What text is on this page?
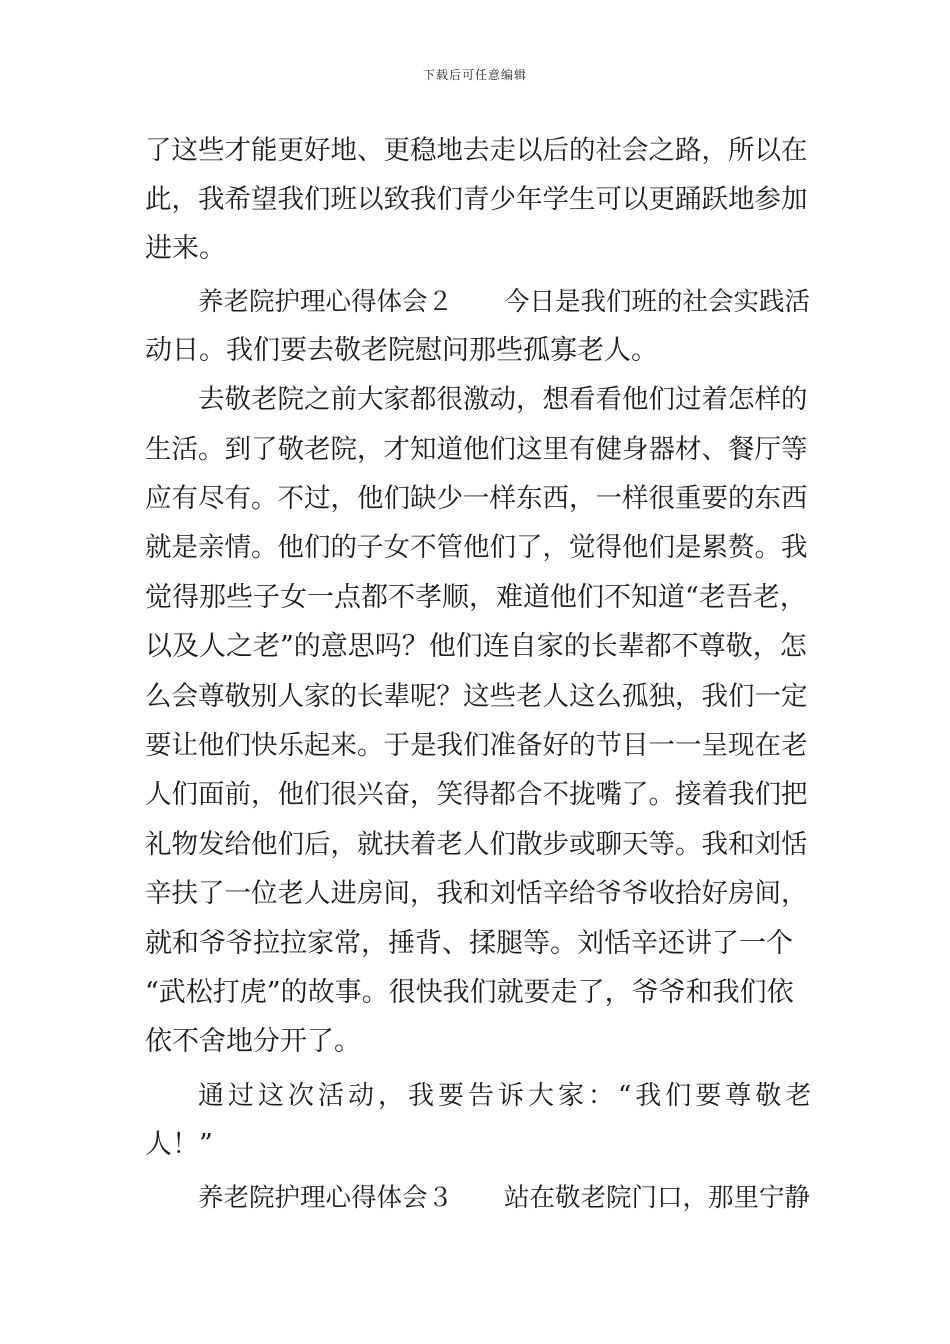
下载后可任意编辑
了这些才能更好地、更稳地去走以后的社会之路，所以在
此，我希望我们班以致我们青少年学生可以更踊跃地参加
进来。
养老院护理心得体会２　　今日是我们班的社会实践活
动日。我们要去敬老院慰问那些孤寡老人。
去敬老院之前大家都很激动，想看看他们过着怎样的
生活。到了敬老院，才知道他们这里有健身器材、餐厅等
应有尽有。不过，他们缺少一样东西，一样很重要的东西
就是亲情。他们的子女不管他们了，觉得他们是累赘。我
觉得那些子女一点都不孝顺，难道他们不知道“老吾老，
以及人之老”的意思吗？他们连自家的长辈都不尊敬，怎
么会尊敬别人家的长辈呢？这些老人这么孤独，我们一定
要让他们快乐起来。于是我们准备好的节目一一呈现在老
人们面前，他们很兴奋，笑得都合不拢嘴了。接着我们把
礼物发给他们后，就扶着老人们散步或聊天等。我和刘恬
辛扶了一位老人进房间，我和刘恬辛给爷爷收拾好房间，
就和爷爷拉拉家常，捶背、揉腿等。刘恬辛还讲了一个
“武松打虎”的故事。很快我们就要走了，爷爷和我们依
依不舍地分开了。
通过这次活动，我要告诉大家：“我们要尊敬老
人！”
养老院护理心得体会３　　站在敬老院门口，那里宁静
